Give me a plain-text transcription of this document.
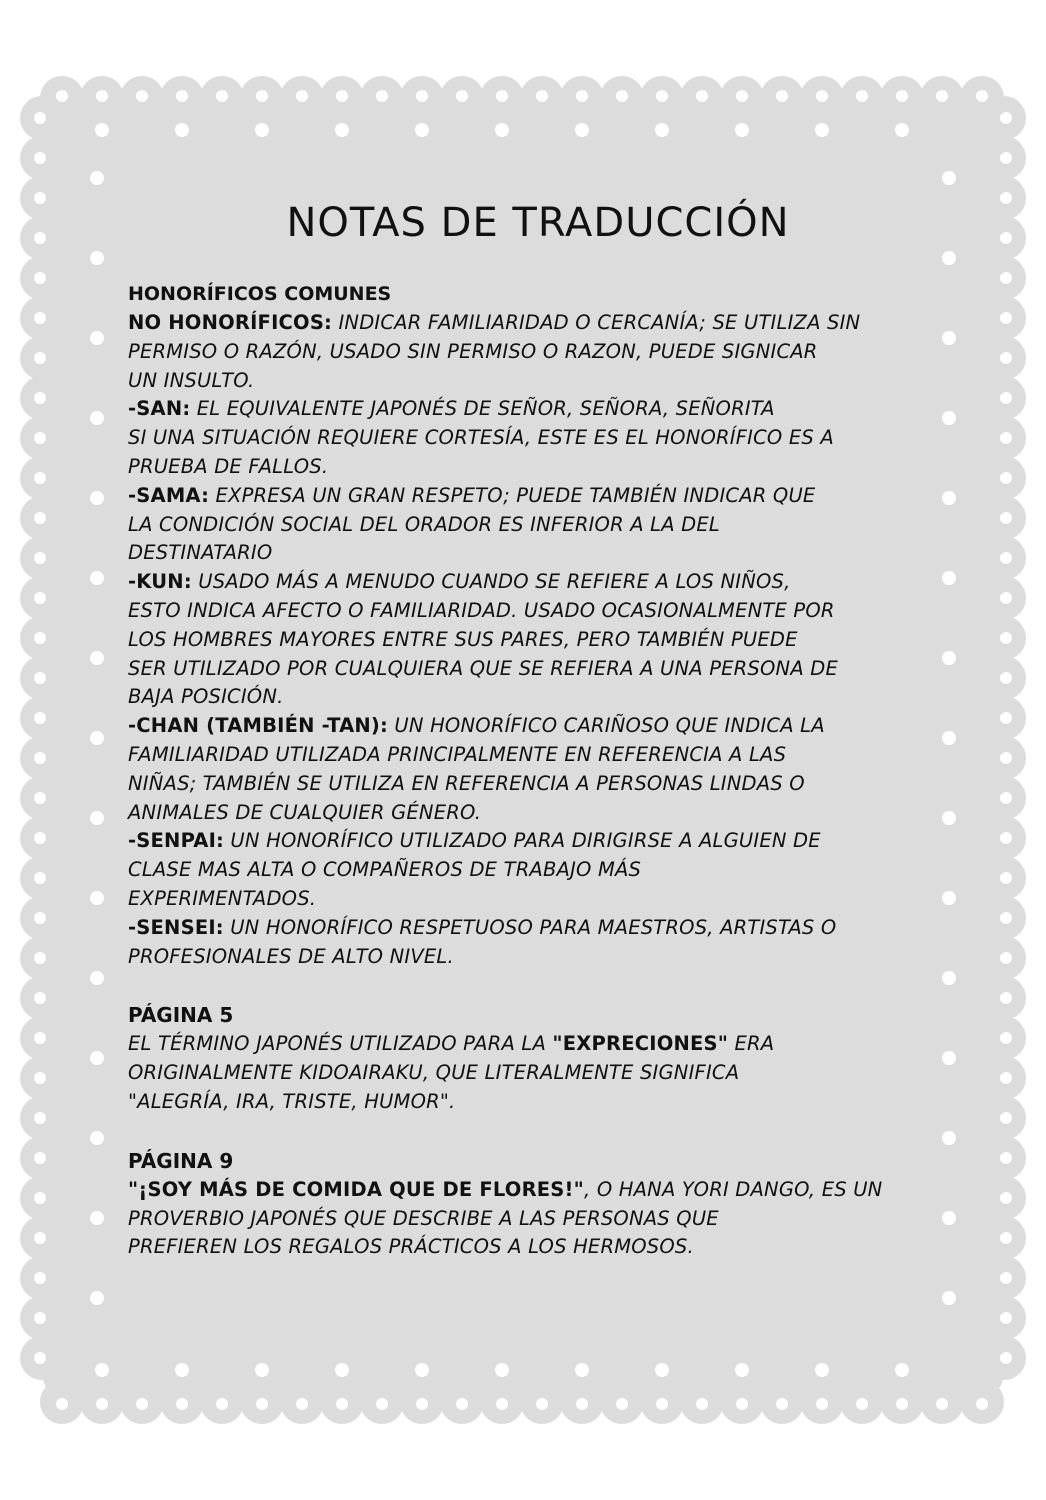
NOTAS DE TRADUCCIÓN
HONORÍFICOS COMUNES

NO HONORÍFICOS: INDICAR FAMILIARIDAD O CERCANÍA; SE UTILIZA SIN

PERMISO O RAZÓN, USADO SIN PERMISO O RAZON, PUEDE SIGNICAR

UN INSULTO.

-SAN: EL EQUIVALENTE JAPONÉS DE SEÑOR, SEÑORA, SEÑORITA

SI UNA SITUACIÓN REQUIERE CORTESÍA, ESTE ES EL HONORÍFICO ES A

PRUEBA DE FALLOS.

-SAMA: EXPRESA UN GRAN RESPETO; PUEDE TAMBIÉN INDICAR QUE

LA CONDICIÓN SOCIAL DEL ORADOR ES INFERIOR A LA DEL

DESTINATARIO

-KUN: USADO MÁS A MENUDO CUANDO SE REFIERE A LOS NIÑOS,

ESTO INDICA AFECTO O FAMILIARIDAD. USADO OCASIONALMENTE POR

LOS HOMBRES MAYORES ENTRE SUS PARES, PERO TAMBIÉN PUEDE

SER UTILIZADO POR CUALQUIERA QUE SE REFIERA A UNA PERSONA DE

BAJA POSICIÓN.

-CHAN (TAMBIÉN -TAN): UN HONORÍFICO CARIÑOSO QUE INDICA LA

FAMILIARIDAD UTILIZADA PRINCIPALMENTE EN REFERENCIA A LAS

NIÑAS; TAMBIÉN SE UTILIZA EN REFERENCIA A PERSONAS LINDAS O

ANIMALES DE CUALQUIER GÉNERO.

-SENPAI: UN HONORÍFICO UTILIZADO PARA DIRIGIRSE A ALGUIEN DE

CLASE MAS ALTA O COMPAÑEROS DE TRABAJO MÁS

EXPERIMENTADOS.

-SENSEI: UN HONORÍFICO RESPETUOSO PARA MAESTROS, ARTISTAS O

PROFESIONALES DE ALTO NIVEL.

PÁGINA 5

EL TÉRMINO JAPONÉS UTILIZADO PARA LA "EXPRECIONES" ERA

ORIGINALMENTE KIDOAIRAKU, QUE LITERALMENTE SIGNIFICA

"ALEGRÍA, IRA, TRISTE, HUMOR".

PÁGINA 9

"¡SOY MÁS DE COMIDA QUE DE FLORES!", O HANA YORI DANGO, ES UN

PROVERBIO JAPONÉS QUE DESCRIBE A LAS PERSONAS QUE

PREFIEREN LOS REGALOS PRÁCTICOS A LOS HERMOSOS.
